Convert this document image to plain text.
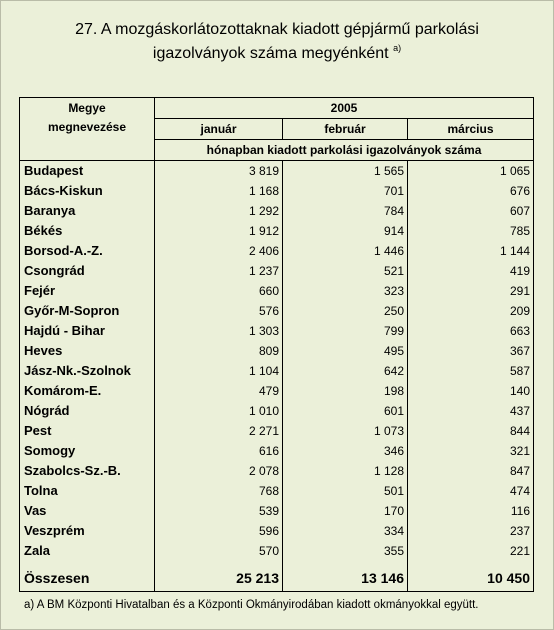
27. A mozgáskorlátozottaknak kiadott gépjármű parkolási
igazolványok száma megyénként $^{a)}$
Megye
megnevezése	2005		
	január	február	március
	hónapban kiadott parkolási igazolványok száma		
Budapest	3 819	1 565	1 065
Bács-Kiskun	1 168	701	676
Baranya	1 292	784	607
Békés	1 912	914	785
Borsod-A.-Z.	2 406	1 446	1 144
Csongrád	1 237	521	419
Fejér	660	323	291
Győr-M-Sopron	576	250	209
Hajdú - Bihar	1 303	799	663
Heves	809	495	367
Jász-Nk.-Szolnok	1 104	642	587
Komárom-E.	479	198	140
Nógrád	1 010	601	437
Pest	2 271	1 073	844
Somogy	616	346	321
Szabolcs-Sz.-B.	2 078	1 128	847
Tolna	768	501	474
Vas	539	170	116
Veszprém	596	334	237
Zala	570	355	221
Összesen	25 213	13 146	10 450
a) A BM Központi Hivatalban és a Központi Okmányirodában kiadott okmányokkal együtt.
